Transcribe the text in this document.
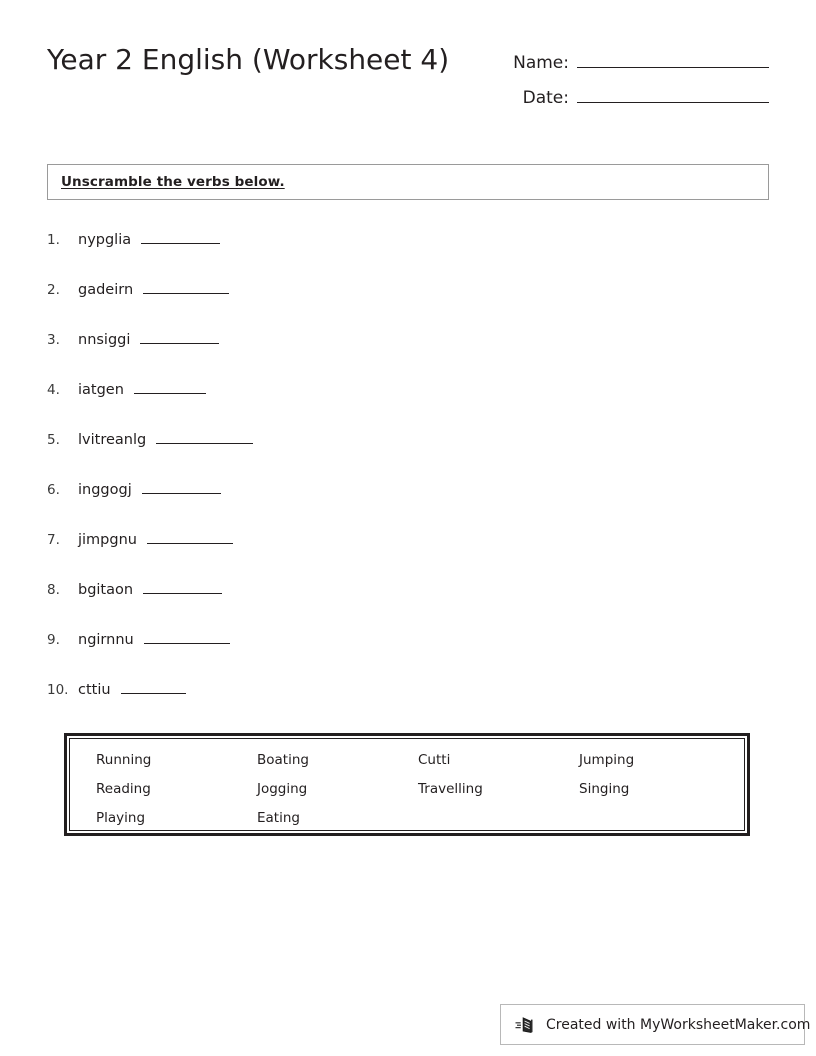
Year 2 English (Worksheet 4)	Name:
Date:
Unscramble the verbs below.
1.	nypglia
2.	gadeirn
3.	nnsiggi
4.	iatgen
5.	lvitreanlg
6.	inggogj
7.	jimpgnu
8.	bgitaon
9.	ngirnnu
10. cttiu
Running	Boating	Cutti	Jumping
Reading	Jogging	Travelling	Singing
Playing	Eating
Created with MyWorksheetMaker.com
